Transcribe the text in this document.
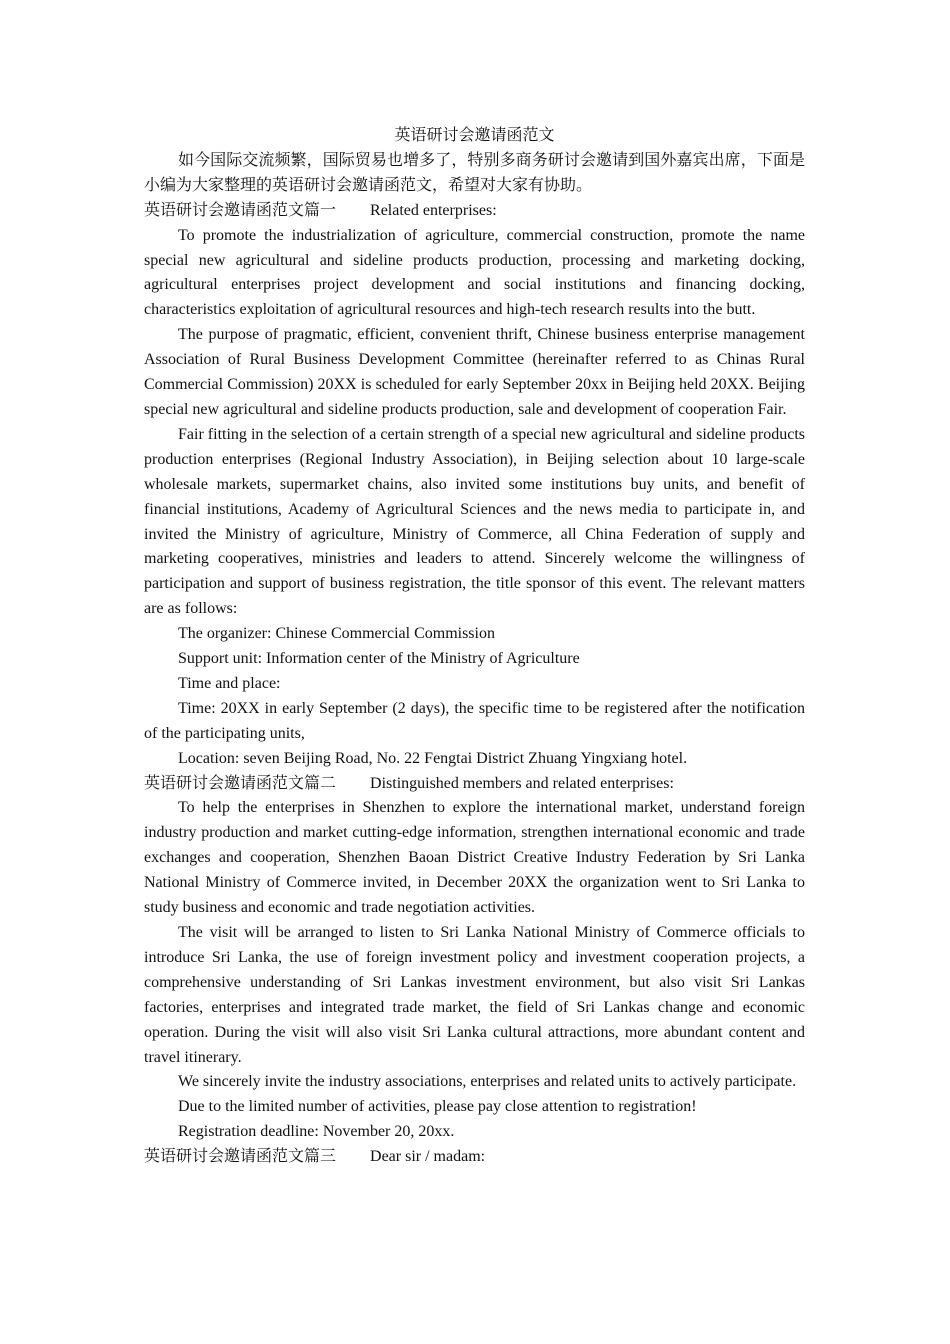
英语研讨会邀请函范文

如今国际交流频繁，国际贸易也增多了，特别多商务研讨会邀请到国外嘉宾出席，下面是小编为大家整理的英语研讨会邀请函范文，希望对大家有协助。

英语研讨会邀请函范文篇一 Related enterprises:

To promote the industrialization of agriculture, commercial construction, promote the name special new agricultural and sideline products production, processing and marketing docking, agricultural enterprises project development and social institutions and financing docking, characteristics exploitation of agricultural resources and high-tech research results into the butt.

The purpose of pragmatic, efficient, convenient thrift, Chinese business enterprise management Association of Rural Business Development Committee (hereinafter referred to as Chinas Rural Commercial Commission) 20XX is scheduled for early September 20xx in Beijing held 20XX. Beijing special new agricultural and sideline products production, sale and development of cooperation Fair.

Fair fitting in the selection of a certain strength of a special new agricultural and sideline products production enterprises (Regional Industry Association), in Beijing selection about 10 large-scale wholesale markets, supermarket chains, also invited some institutions buy units, and benefit of financial institutions, Academy of Agricultural Sciences and the news media to participate in, and invited the Ministry of agriculture, Ministry of Commerce, all China Federation of supply and marketing cooperatives, ministries and leaders to attend. Sincerely welcome the willingness of participation and support of business registration, the title sponsor of this event. The relevant matters are as follows:

The organizer: Chinese Commercial Commission

Support unit: Information center of the Ministry of Agriculture

Time and place:

Time: 20XX in early September (2 days), the specific time to be registered after the notification of the participating units,

Location: seven Beijing Road, No. 22 Fengtai District Zhuang Yingxiang hotel.

英语研讨会邀请函范文篇二 Distinguished members and related enterprises:

To help the enterprises in Shenzhen to explore the international market, understand foreign industry production and market cutting-edge information, strengthen international economic and trade exchanges and cooperation, Shenzhen Baoan District Creative Industry Federation by Sri Lanka National Ministry of Commerce invited, in December 20XX the organization went to Sri Lanka to study business and economic and trade negotiation activities.

The visit will be arranged to listen to Sri Lanka National Ministry of Commerce officials to introduce Sri Lanka, the use of foreign investment policy and investment cooperation projects, a comprehensive understanding of Sri Lankas investment environment, but also visit Sri Lankas factories, enterprises and integrated trade market, the field of Sri Lankas change and economic operation. During the visit will also visit Sri Lanka cultural attractions, more abundant content and travel itinerary.

We sincerely invite the industry associations, enterprises and related units to actively participate.

Due to the limited number of activities, please pay close attention to registration!

Registration deadline: November 20, 20xx.

英语研讨会邀请函范文篇三 Dear sir / madam:
